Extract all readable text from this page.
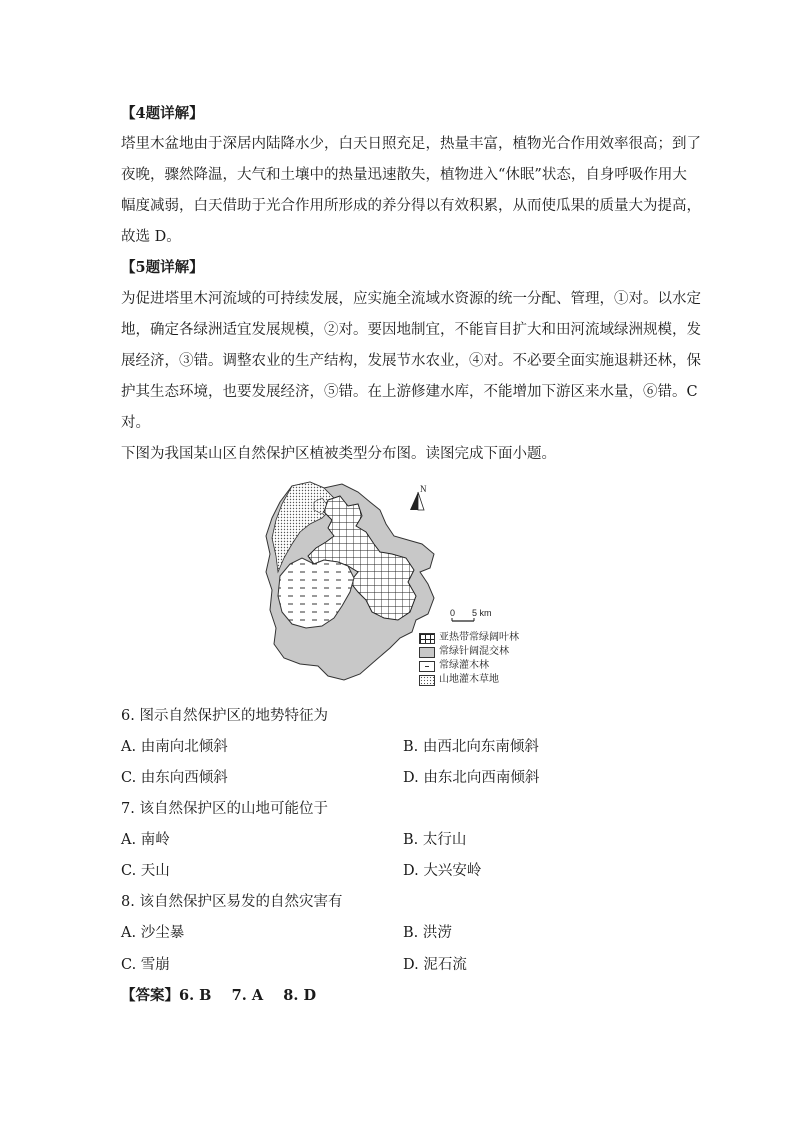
【4题详解】
塔里木盆地由于深居内陆降水少，白天日照充足，热量丰富，植物光合作用效率很高；到了
夜晚，骤然降温，大气和土壤中的热量迅速散失，植物进入“休眠”状态，自身呼吸作用大
幅度减弱，白天借助于光合作用所形成的养分得以有效积累，从而使瓜果的质量大为提高，
故选 D。
【5题详解】
为促进塔里木河流域的可持续发展，应实施全流域水资源的统一分配、管理，①对。以水定
地，确定各绿洲适宜发展规模，②对。要因地制宜，不能盲目扩大和田河流域绿洲规模，发
展经济，③错。调整农业的生产结构，发展节水农业，④对。不必要全面实施退耕还林，保
护其生态环境，也要发展经济，⑤错。在上游修建水库，不能增加下游区来水量，⑥错。C
对。
下图为我国某山区自然保护区植被类型分布图。读图完成下面小题。
N
0 5 km
亚热带常绿阔叶林
常绿针阔混交林
常绿灌木林
山地灌木草地
6. 图示自然保护区的地势特征为
A. 由南向北倾斜	B. 由西北向东南倾斜
C. 由东向西倾斜	D. 由东北向西南倾斜
7. 该自然保护区的山地可能位于
A. 南岭	B. 太行山
C. 天山	D. 大兴安岭
8. 该自然保护区易发的自然灾害有
A. 沙尘暴	B. 洪涝
C. 雪崩	D. 泥石流
【答案】6. B    7. A    8. D
